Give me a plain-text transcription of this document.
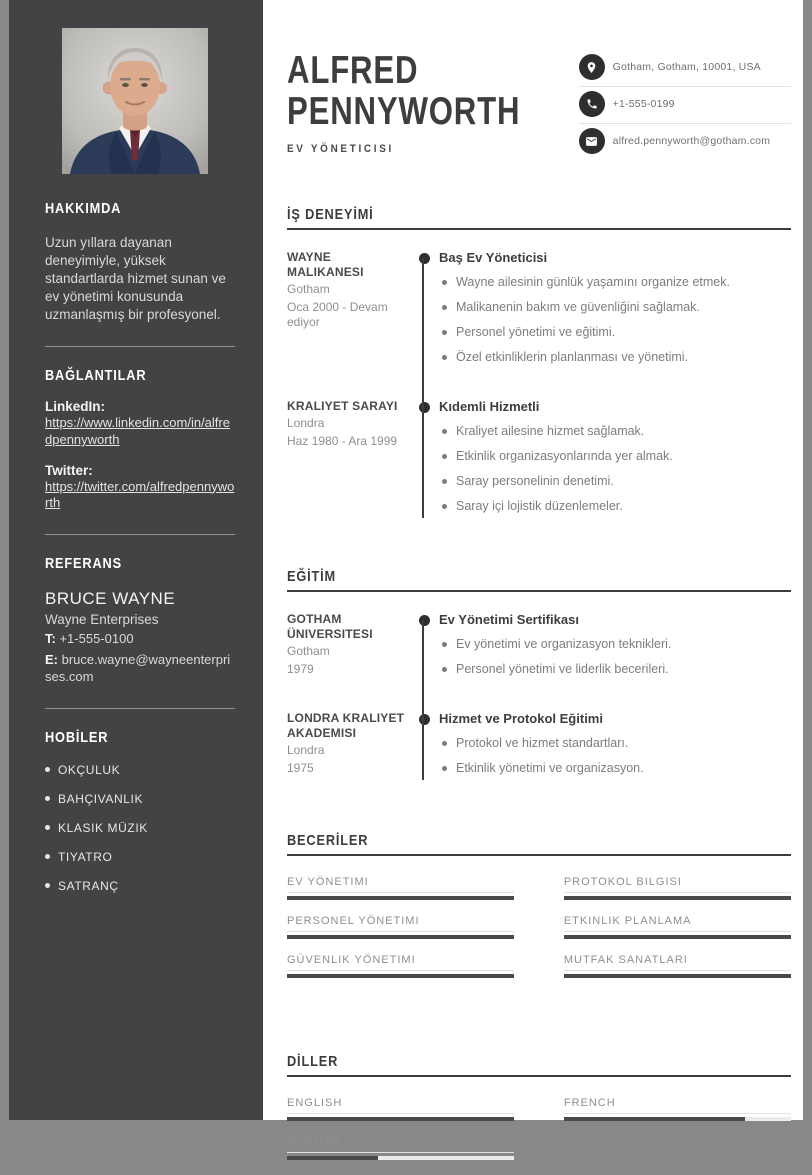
HAKKIMDA

Uzun yıllara dayanan deneyimiyle, yüksek standartlarda hizmet sunan ve ev yönetimi konusunda uzmanlaşmış bir profesyonel.

BAĞLANTILAR
LinkedIn:
https://www.linkedin.com/in/alfredpennyworth
Twitter:
https://twitter.com/alfredpennyworth
REFERANS
BRUCE WAYNE
Wayne Enterprises
T: +1-555-0100
E: bruce.wayne@wayneenterprises.com
HOBİLER
OKÇULUK
BAHÇIVANLIK
KLASIK MÜZIK
TIYATRO
SATRANÇ
ALFRED
PENNYWORTH
EV YÖNETICISI
Gotham, Gotham, 10001, USA
+1-555-0199
alfred.pennyworth@gotham.com
İŞ DENEYİMİ
WAYNE MALIKANESI
Gotham
Oca 2000 - Devam ediyor
Baş Ev Yöneticisi
Wayne ailesinin günlük yaşamını organize etmek.
Malikanenin bakım ve güvenliğini sağlamak.
Personel yönetimi ve eğitimi.
Özel etkinliklerin planlanması ve yönetimi.
KRALIYET SARAYI
Londra
Haz 1980 - Ara 1999
Kıdemli Hizmetli
Kraliyet ailesine hizmet sağlamak.
Etkinlik organizasyonlarında yer almak.
Saray personelinin denetimi.
Saray içi lojistik düzenlemeler.
EĞİTİM
GOTHAM ÜNIVERSITESI
Gotham
1979
Ev Yönetimi Sertifikası
Ev yönetimi ve organizasyon teknikleri.
Personel yönetimi ve liderlik becerileri.
LONDRA KRALIYET AKADEMISI
Londra
1975
Hizmet ve Protokol Eğitimi
Protokol ve hizmet standartları.
Etkinlik yönetimi ve organizasyon.
BECERİLER
EV YÖNETIMI
PERSONEL YÖNETIMI
GÜVENLIK YÖNETIMI
PROTOKOL BILGISI
ETKINLIK PLANLAMA
MUTFAK SANATLARI
DİLLER
ENGLISH
GERMAN
FRENCH
